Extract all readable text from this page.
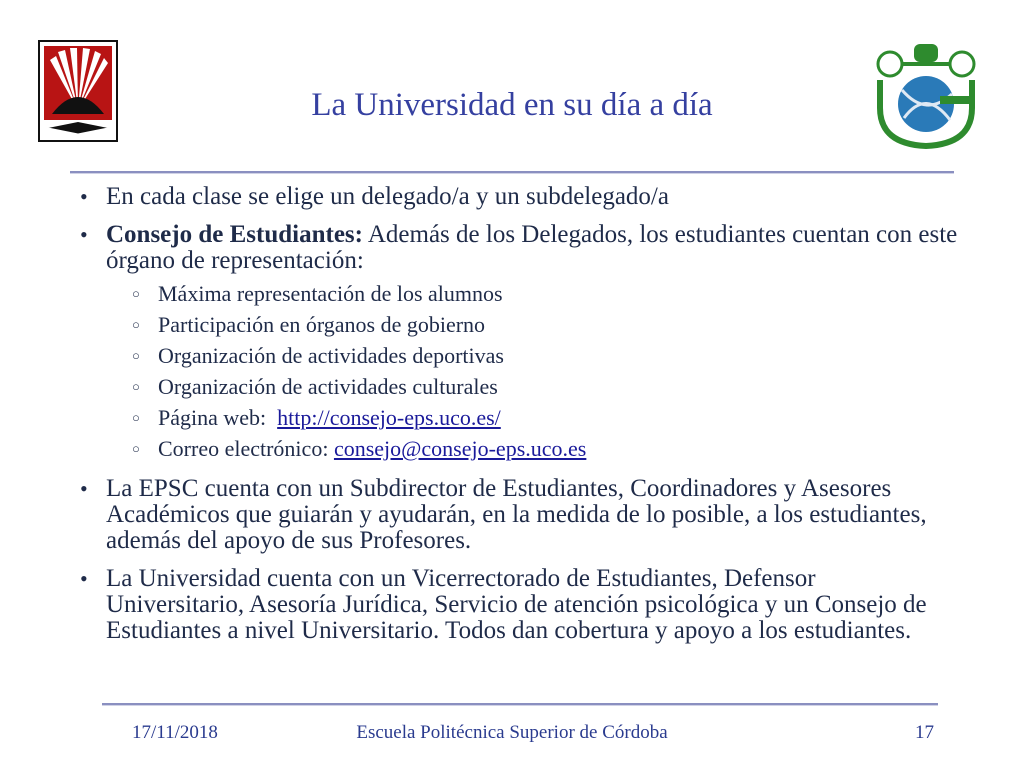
La Universidad en su día a día
• En cada clase se elige un delegado/a y un subdelegado/a
• Consejo de Estudiantes: Además de los Delegados, los estudiantes cuentan con este órgano de representación:
○ Máxima representación de los alumnos
○ Participación en órganos de gobierno
○ Organización de actividades deportivas
○ Organización de actividades culturales
○ Página web:  http://consejo-eps.uco.es/
○ Correo electrónico: consejo@consejo-eps.uco.es
• La EPSC cuenta con un Subdirector de Estudiantes, Coordinadores y Asesores Académicos que guiarán y ayudarán, en la medida de lo posible, a los estudiantes, además del apoyo de sus Profesores.
• La Universidad cuenta con un Vicerrectorado de Estudiantes, Defensor Universitario, Asesoría Jurídica, Servicio de atención psicológica y un Consejo de Estudiantes a nivel Universitario. Todos dan cobertura y apoyo a los estudiantes.
17/11/2018	Escuela Politécnica Superior de Córdoba	17
